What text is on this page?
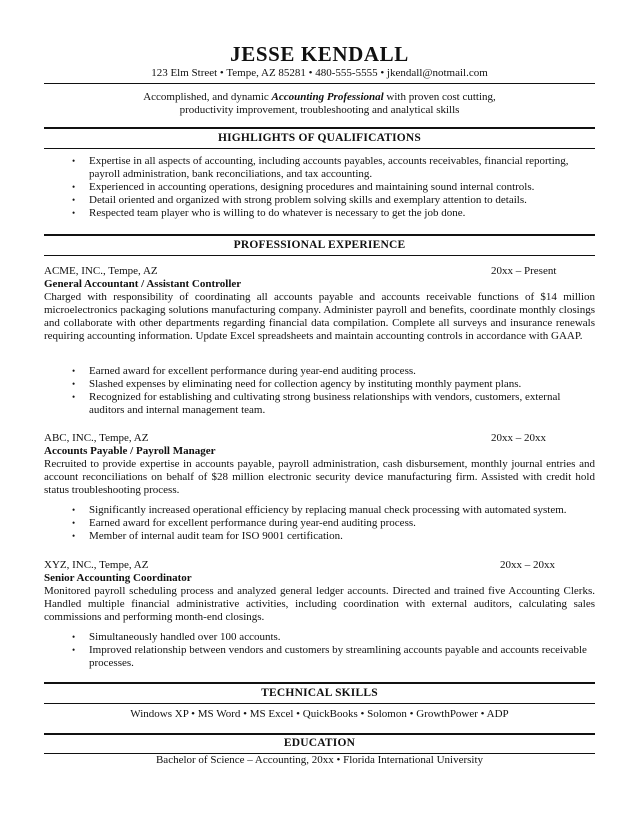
JESSE KENDALL
123 Elm Street • Tempe, AZ 85281 • 480-555-5555 • jkendall@notmail.com
Accomplished, and dynamic Accounting Professional with proven cost cutting,
productivity improvement, troubleshooting and analytical skills
HIGHLIGHTS OF QUALIFICATIONS
• Expertise in all aspects of accounting, including accounts payables, accounts receivables, financial reporting, payroll administration, bank reconciliations, and tax accounting.
• Experienced in accounting operations, designing procedures and maintaining sound internal controls.
• Detail oriented and organized with strong problem solving skills and exemplary attention to details.
• Respected team player who is willing to do whatever is necessary to get the job done.
PROFESSIONAL EXPERIENCE
ACME, INC., Tempe, AZ	20xx – Present
General Accountant / Assistant Controller
Charged with responsibility of coordinating all accounts payable and accounts receivable functions of $14 million microelectronics packaging solutions manufacturing company. Administer payroll and benefits, coordinate monthly closings and collaborate with other departments regarding financial data compilation. Complete all surveys and insurance renewals requiring accounting information. Update Excel spreadsheets and maintain accounting controls in accordance with GAAP.
• Earned award for excellent performance during year-end auditing process.
• Slashed expenses by eliminating need for collection agency by instituting monthly payment plans.
• Recognized for establishing and cultivating strong business relationships with vendors, customers, external auditors and internal management team.
ABC, INC., Tempe, AZ	20xx – 20xx
Accounts Payable / Payroll Manager
Recruited to provide expertise in accounts payable, payroll administration, cash disbursement, monthly journal entries and account reconciliations on behalf of $28 million electronic security device manufacturing firm. Assisted with credit hold status troubleshooting process.
• Significantly increased operational efficiency by replacing manual check processing with automated system.
• Earned award for excellent performance during year-end auditing process.
• Member of internal audit team for ISO 9001 certification.
XYZ, INC., Tempe, AZ	20xx – 20xx
Senior Accounting Coordinator
Monitored payroll scheduling process and analyzed general ledger accounts. Directed and trained five Accounting Clerks. Handled multiple financial administrative activities, including coordination with external auditors, calculating sales commissions and performing month-end closings.
• Simultaneously handled over 100 accounts.
• Improved relationship between vendors and customers by streamlining accounts payable and accounts receivable processes.
TECHNICAL SKILLS
Windows XP • MS Word • MS Excel • QuickBooks • Solomon • GrowthPower • ADP
EDUCATION
Bachelor of Science – Accounting, 20xx • Florida International University
